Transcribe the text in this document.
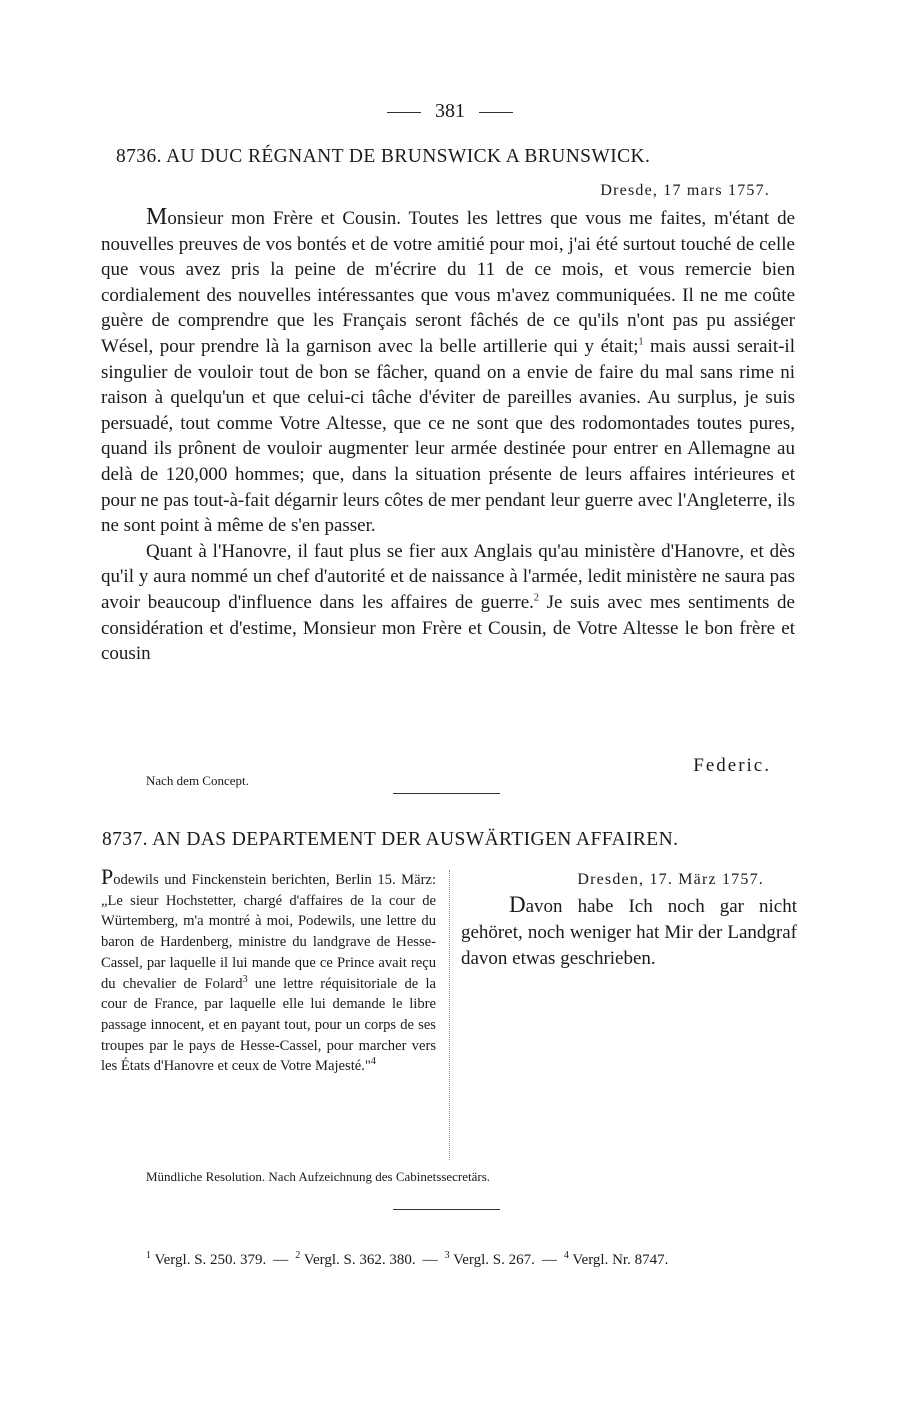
381
8736. AU DUC RÉGNANT DE BRUNSWICK A BRUNSWICK.
Dresde, 17 mars 1757.

Monsieur mon Frère et Cousin. Toutes les lettres que vous me faites, m'étant de nouvelles preuves de vos bontés et de votre amitié pour moi, j'ai été surtout touché de celle que vous avez pris la peine de m'écrire du 11 de ce mois, et vous remercie bien cordialement des nouvelles intéressantes que vous m'avez communiquées. Il ne me coûte guère de comprendre que les Français seront fâchés de ce qu'ils n'ont pas pu assiéger Wésel, pour prendre là la garnison avec la belle artillerie qui y était;$^1$ mais aussi serait-il singulier de vouloir tout de bon se fâcher, quand on a envie de faire du mal sans rime ni raison à quelqu'un et que celui-ci tâche d'éviter de pareilles avanies. Au surplus, je suis persuadé, tout comme Votre Altesse, que ce ne sont que des rodomontades toutes pures, quand ils prônent de vouloir augmenter leur armée destinée pour entrer en Allemagne au delà de 120,000 hommes; que, dans la situation présente de leurs affaires intérieures et pour ne pas tout-à-fait dégarnir leurs côtes de mer pendant leur guerre avec l'Angleterre, ils ne sont point à même de s'en passer.

Quant à l'Hanovre, il faut plus se fier aux Anglais qu'au ministère d'Hanovre, et dès qu'il y aura nommé un chef d'autorité et de naissance à l'armée, ledit ministère ne saura pas avoir beaucoup d'influence dans les affaires de guerre.$^2$ Je suis avec mes sentiments de considération et d'estime, Monsieur mon Frère et Cousin, de Votre Altesse le bon frère et cousin

Federic.
Nach dem Concept.
8737. AN DAS DEPARTEMENT DER AUSWÄRTIGEN AFFAIREN.
Podewils und Finckenstein berichten, Berlin 15. März: „Le sieur Hochstetter, chargé d'affaires de la cour de Würtemberg, m'a montré à moi, Podewils, une lettre du baron de Hardenberg, ministre du landgrave de Hesse-Cassel, par laquelle il lui mande que ce Prince avait reçu du chevalier de Folard$^3$ une lettre réquisitoriale de la cour de France, par laquelle elle lui demande le libre passage innocent, et en payant tout, pour un corps de ses troupes par le pays de Hesse-Cassel, pour marcher vers les États d'Hanovre et ceux de Votre Majesté."$^4$
Dresden, 17. März 1757.

Davon habe Ich noch gar nicht gehöret, noch weniger hat Mir der Landgraf davon etwas geschrieben.

Mündliche Resolution. Nach Aufzeichnung des Cabinetssecretärs.
$^1$ Vergl. S. 250. 379. — $^2$ Vergl. S. 362. 380. — $^3$ Vergl. S. 267. — $^4$ Vergl. Nr. 8747.
